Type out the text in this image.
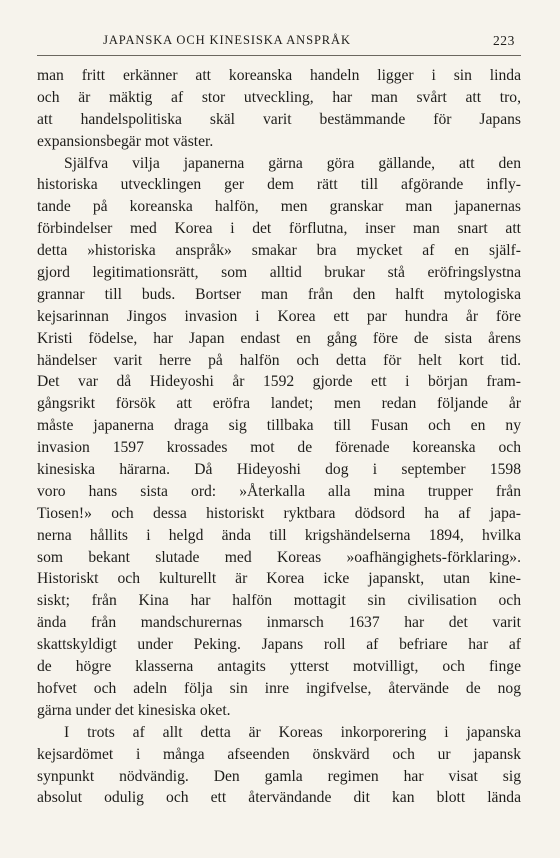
JAPANSKA OCH KINESISKA ANSPRÅK	223
man fritt erkänner att koreanska handeln ligger i sin linda
och är mäktig af stor utveckling, har man svårt att tro,
att handelspolitiska skäl varit bestämmande för Japans
expansionsbegär mot väster.
Själfva vilja japanerna gärna göra gällande, att den
historiska utvecklingen ger dem rätt till afgörande infly-
tande på koreanska halfön, men granskar man japanernas
förbindelser med Korea i det förflutna, inser man snart att
detta »historiska anspråk» smakar bra mycket af en själf-
gjord legitimationsrätt, som alltid brukar stå eröfringslystna
grannar till buds. Bortser man från den halft mytologiska
kejsarinnan Jingos invasion i Korea ett par hundra år före
Kristi födelse, har Japan endast en gång före de sista årens
händelser varit herre på halfön och detta för helt kort tid.
Det var då Hideyoshi år 1592 gjorde ett i början fram-
gångsrikt försök att eröfra landet; men redan följande år
måste japanerna draga sig tillbaka till Fusan och en ny
invasion 1597 krossades mot de förenade koreanska och
kinesiska härarna. Då Hideyoshi dog i september 1598
voro hans sista ord: »Återkalla alla mina trupper från
Tiosen!» och dessa historiskt ryktbara dödsord ha af japa-
nerna hållits i helgd ända till krigshändelserna 1894, hvilka
som bekant slutade med Koreas »oafhängighets-förklaring».
Historiskt och kulturellt är Korea icke japanskt, utan kine-
siskt; från Kina har halfön mottagit sin civilisation och
ända från mandschurernas inmarsch 1637 har det varit
skattskyldigt under Peking. Japans roll af befriare har af
de högre klasserna antagits ytterst motvilligt, och finge
hofvet och adeln följa sin inre ingifvelse, återvände de nog
gärna under det kinesiska oket.
I trots af allt detta är Koreas inkorporering i japanska
kejsardömet i många afseenden önskvärd och ur japansk
synpunkt nödvändig. Den gamla regimen har visat sig
absolut odulig och ett återvändande dit kan blott lända
